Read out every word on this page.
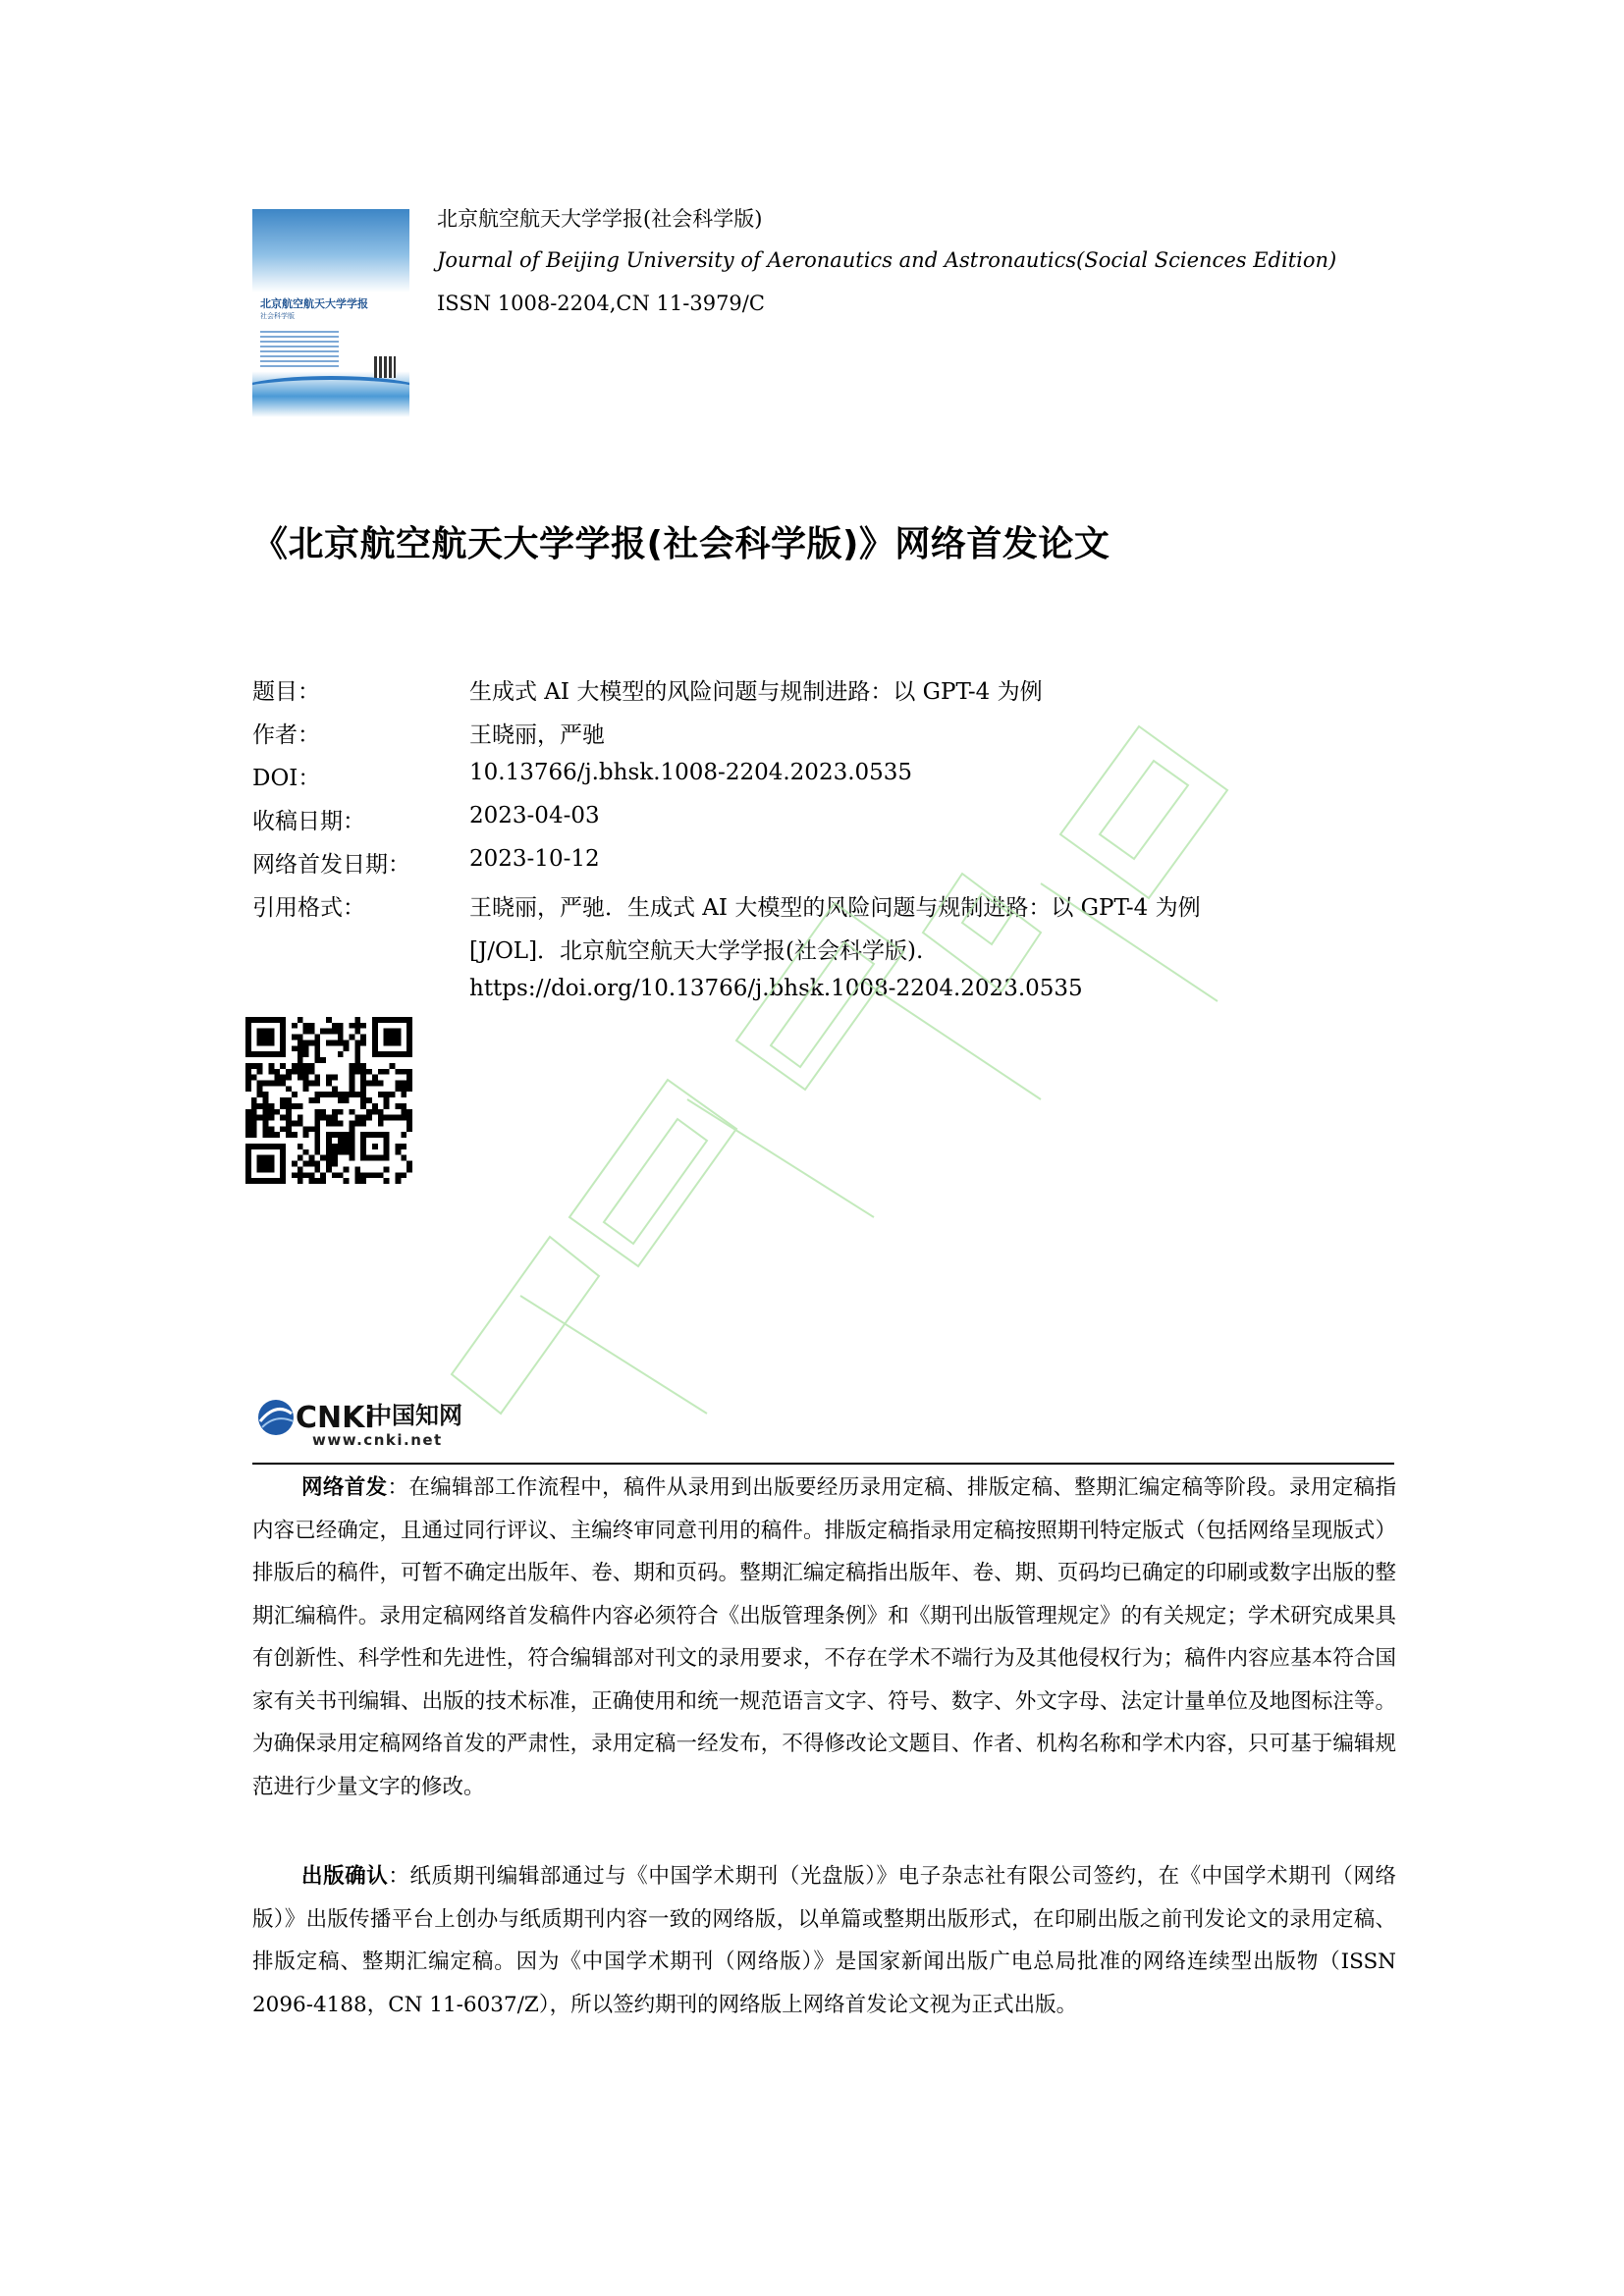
北京航空航天大学学报
社会科学版
北京航空航天大学学报(社会科学版)
Journal of Beijing University of Aeronautics and Astronautics(Social Sciences Edition)
ISSN 1008-2204,CN 11-3979/C
《北京航空航天大学学报(社会科学版)》网络首发论文
题目：	生成式 AI 大模型的风险问题与规制进路：以 GPT-4 为例
作者：	王晓丽，严驰
DOI：	10.13766/j.bhsk.1008-2204.2023.0535
收稿日期：	2023-04-03
网络首发日期：	2023-10-12
引用格式：	王晓丽，严驰．生成式 AI 大模型的风险问题与规制进路：以 GPT-4 为例
[J/OL]．北京航空航天大学学报(社会科学版).
https://doi.org/10.13766/j.bhsk.1008-2204.2023.0535
CNKi
中国知网
www.cnki.net
网络首发：在编辑部工作流程中，稿件从录用到出版要经历录用定稿、排版定稿、整期汇编定稿等阶段。录用定稿指内容已经确定，且通过同行评议、主编终审同意刊用的稿件。排版定稿指录用定稿按照期刊特定版式（包括网络呈现版式）排版后的稿件，可暂不确定出版年、卷、期和页码。整期汇编定稿指出版年、卷、期、页码均已确定的印刷或数字出版的整期汇编稿件。录用定稿网络首发稿件内容必须符合《出版管理条例》和《期刊出版管理规定》的有关规定；学术研究成果具有创新性、科学性和先进性，符合编辑部对刊文的录用要求，不存在学术不端行为及其他侵权行为；稿件内容应基本符合国家有关书刊编辑、出版的技术标准，正确使用和统一规范语言文字、符号、数字、外文字母、法定计量单位及地图标注等。为确保录用定稿网络首发的严肃性，录用定稿一经发布，不得修改论文题目、作者、机构名称和学术内容，只可基于编辑规范进行少量文字的修改。
出版确认：纸质期刊编辑部通过与《中国学术期刊（光盘版）》电子杂志社有限公司签约，在《中国学术期刊（网络版）》出版传播平台上创办与纸质期刊内容一致的网络版，以单篇或整期出版形式，在印刷出版之前刊发论文的录用定稿、排版定稿、整期汇编定稿。因为《中国学术期刊（网络版）》是国家新闻出版广电总局批准的网络连续型出版物（ISSN 2096-4188，CN 11-6037/Z），所以签约期刊的网络版上网络首发论文视为正式出版。
